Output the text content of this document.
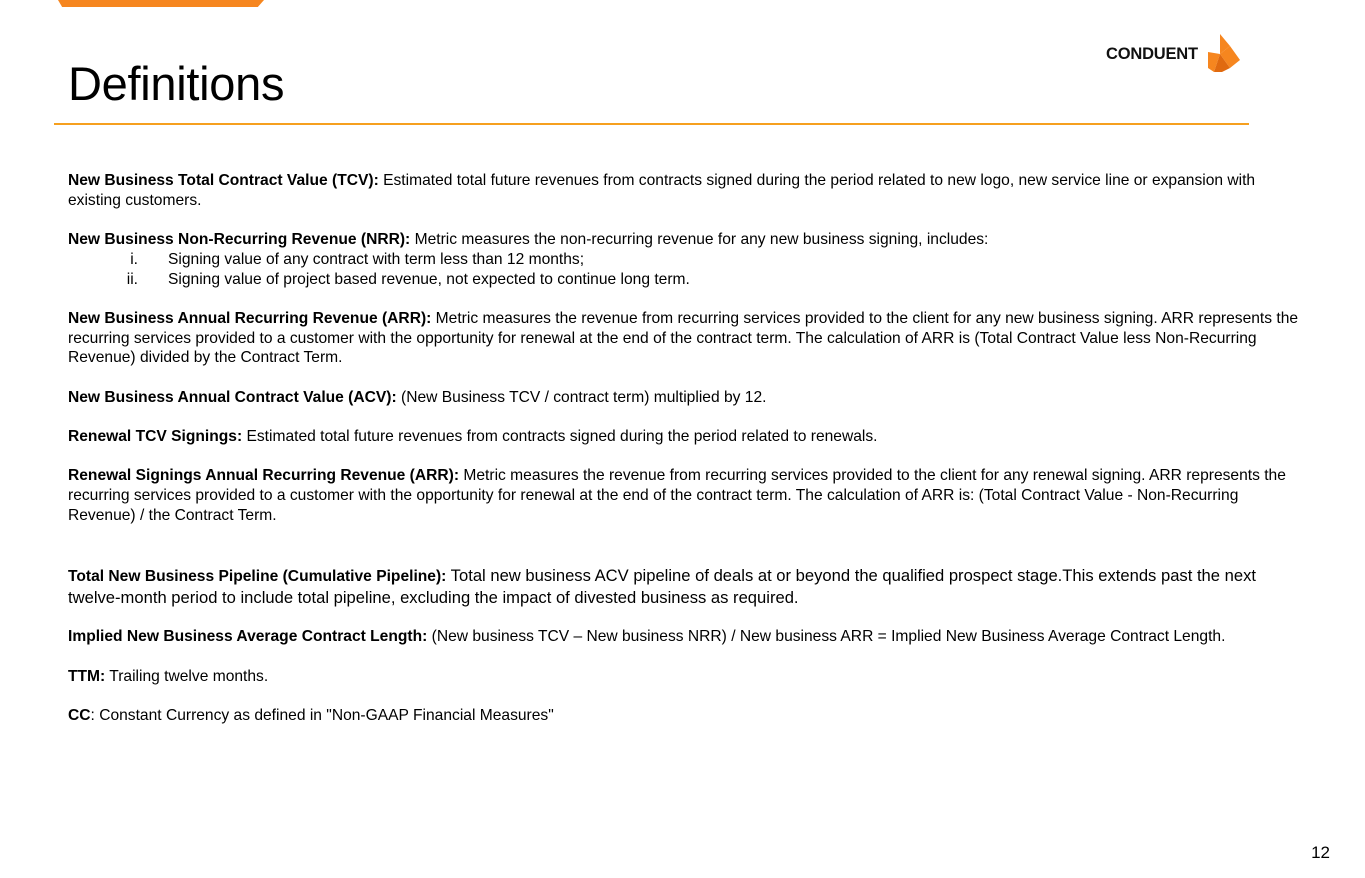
Definitions
CONDUENT

New Business Total Contract Value (TCV): Estimated total future revenues from contracts signed during the period related to new logo, new service line or expansion with existing customers.

New Business Non-Recurring Revenue (NRR): Metric measures the non-recurring revenue for any new business signing, includes:
i.	Signing value of any contract with term less than 12 months;
ii.	Signing value of project based revenue, not expected to continue long term.

New Business Annual Recurring Revenue (ARR): Metric measures the revenue from recurring services provided to the client for any new business signing. ARR represents the recurring services provided to a customer with the opportunity for renewal at the end of the contract term. The calculation of ARR is (Total Contract Value less Non-Recurring Revenue) divided by the Contract Term.

New Business Annual Contract Value (ACV): (New Business TCV / contract term) multiplied by 12.

Renewal TCV Signings: Estimated total future revenues from contracts signed during the period related to renewals.

Renewal Signings Annual Recurring Revenue (ARR): Metric measures the revenue from recurring services provided to the client for any renewal signing. ARR represents the recurring services provided to a customer with the opportunity for renewal at the end of the contract term. The calculation of ARR is: (Total Contract Value - Non-Recurring Revenue) / the Contract Term.

Total New Business Pipeline (Cumulative Pipeline): Total new business ACV pipeline of deals at or beyond the qualified prospect stage.This extends past the next twelve-month period to include total pipeline, excluding the impact of divested business as required.

Implied New Business Average Contract Length: (New business TCV – New business NRR) / New business ARR = Implied New Business Average Contract Length.

TTM: Trailing twelve months.

CC: Constant Currency as defined in "Non-GAAP Financial Measures"

12
